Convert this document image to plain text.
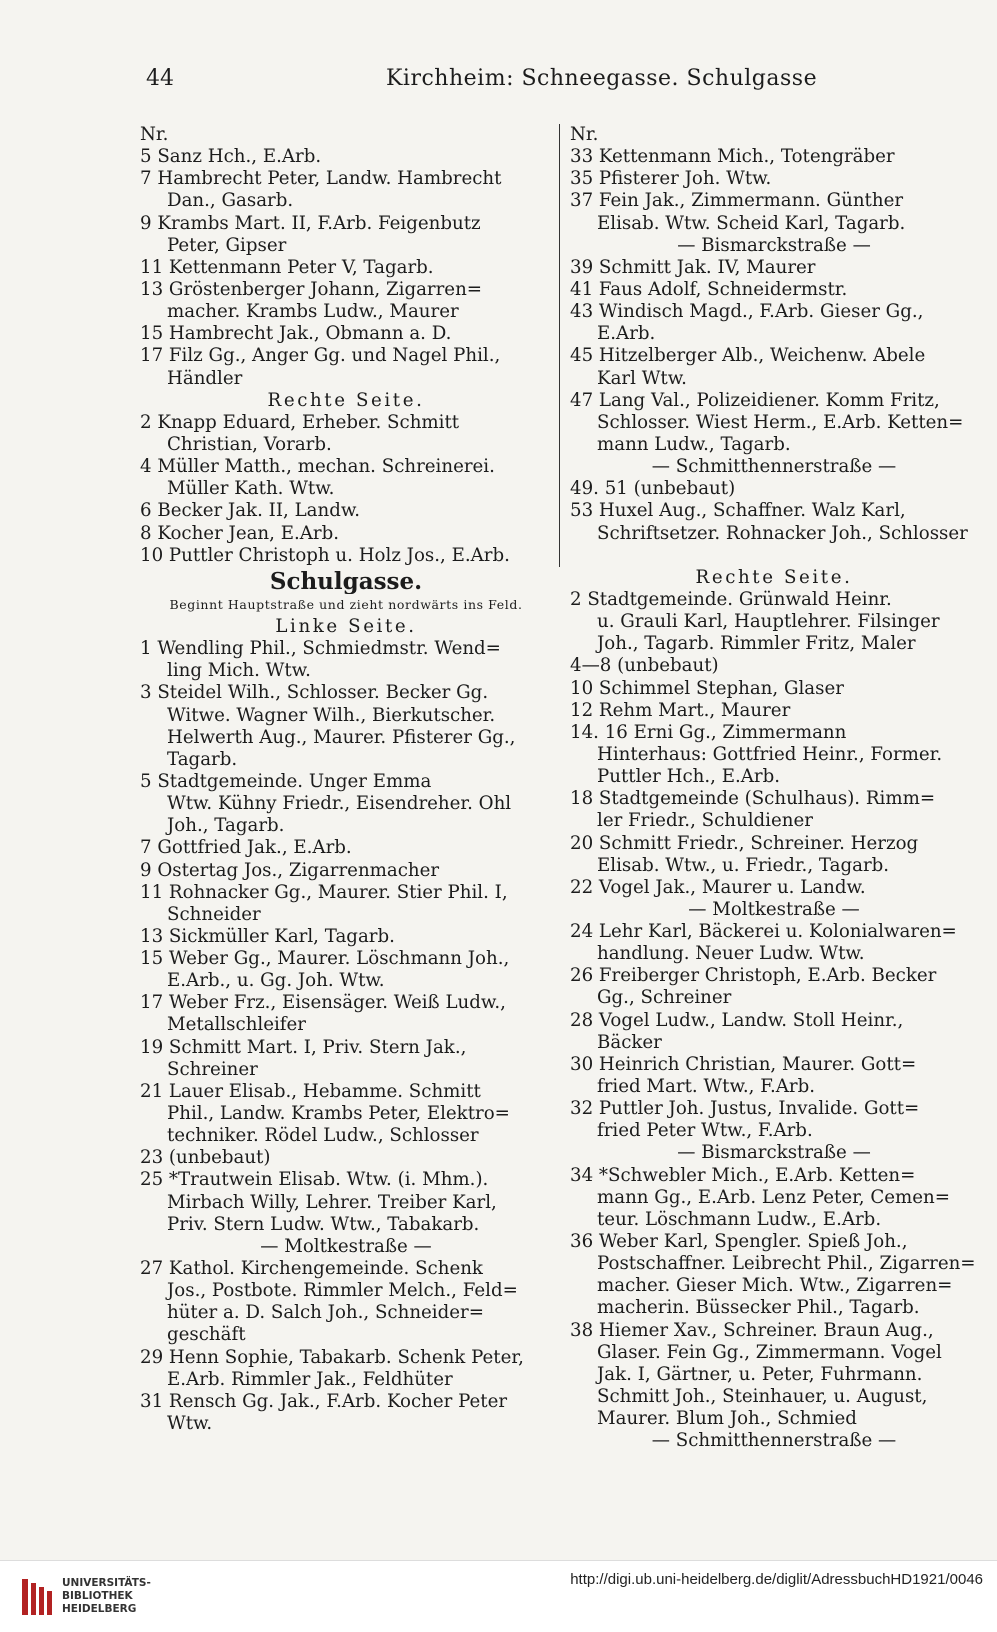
44	Kirchheim: Schneegasse. Schulgasse
Nr.
5 Sanz Hch., E.Arb.
7 Hambrecht Peter, Landw. Hambrecht
Dan., Gasarb.
9 Krambs Mart. II, F.Arb. Feigenbutz
Peter, Gipser
11 Kettenmann Peter V, Tagarb.
13 Gröstenberger Johann, Zigarren=
macher. Krambs Ludw., Maurer
15 Hambrecht Jak., Obmann a. D.
17 Filz Gg., Anger Gg. und Nagel Phil.,
Händler
Rechte Seite.
2 Knapp Eduard, Erheber. Schmitt
Christian, Vorarb.
4 Müller Matth., mechan. Schreinerei.
Müller Kath. Wtw.
6 Becker Jak. II, Landw.
8 Kocher Jean, E.Arb.
10 Puttler Christoph u. Holz Jos., E.Arb.
Schulgasse.
Beginnt Hauptstraße und zieht nordwärts ins Feld.
Linke Seite.
1 Wendling Phil., Schmiedmstr. Wend=
ling Mich. Wtw.
3 Steidel Wilh., Schlosser. Becker Gg.
Witwe. Wagner Wilh., Bierkutscher.
Helwerth Aug., Maurer. Pfisterer Gg.,
Tagarb.
5 Stadtgemeinde. Unger Emma
Wtw. Kühny Friedr., Eisendreher. Ohl
Joh., Tagarb.
7 Gottfried Jak., E.Arb.
9 Ostertag Jos., Zigarrenmacher
11 Rohnacker Gg., Maurer. Stier Phil. I,
Schneider
13 Sickmüller Karl, Tagarb.
15 Weber Gg., Maurer. Löschmann Joh.,
E.Arb., u. Gg. Joh. Wtw.
17 Weber Frz., Eisensäger. Weiß Ludw.,
Metallschleifer
19 Schmitt Mart. I, Priv. Stern Jak.,
Schreiner
21 Lauer Elisab., Hebamme. Schmitt
Phil., Landw. Krambs Peter, Elektro=
techniker. Rödel Ludw., Schlosser
23 (unbebaut)
25 *Trautwein Elisab. Wtw. (i. Mhm.).
Mirbach Willy, Lehrer. Treiber Karl,
Priv. Stern Ludw. Wtw., Tabakarb.
— Moltkestraße —
27 Kathol. Kirchengemeinde. Schenk
Jos., Postbote. Rimmler Melch., Feld=
hüter a. D. Salch Joh., Schneider=
geschäft
29 Henn Sophie, Tabakarb. Schenk Peter,
E.Arb. Rimmler Jak., Feldhüter
31 Rensch Gg. Jak., F.Arb. Kocher Peter
Wtw.
Nr.
33 Kettenmann Mich., Totengräber
35 Pfisterer Joh. Wtw.
37 Fein Jak., Zimmermann. Günther
Elisab. Wtw. Scheid Karl, Tagarb.
— Bismarckstraße —
39 Schmitt Jak. IV, Maurer
41 Faus Adolf, Schneidermstr.
43 Windisch Magd., F.Arb. Gieser Gg.,
E.Arb.
45 Hitzelberger Alb., Weichenw. Abele
Karl Wtw.
47 Lang Val., Polizeidiener. Komm Fritz,
Schlosser. Wiest Herm., E.Arb. Ketten=
mann Ludw., Tagarb.
— Schmitthennerstraße —
49. 51 (unbebaut)
53 Huxel Aug., Schaffner. Walz Karl,
Schriftsetzer. Rohnacker Joh., Schlosser
Rechte Seite.
2 Stadtgemeinde. Grünwald Heinr.
u. Grauli Karl, Hauptlehrer. Filsinger
Joh., Tagarb. Rimmler Fritz, Maler
4—8 (unbebaut)
10 Schimmel Stephan, Glaser
12 Rehm Mart., Maurer
14. 16 Erni Gg., Zimmermann
Hinterhaus: Gottfried Heinr., Former.
Puttler Hch., E.Arb.
18 Stadtgemeinde (Schulhaus). Rimm=
ler Friedr., Schuldiener
20 Schmitt Friedr., Schreiner. Herzog
Elisab. Wtw., u. Friedr., Tagarb.
22 Vogel Jak., Maurer u. Landw.
— Moltkestraße —
24 Lehr Karl, Bäckerei u. Kolonialwaren=
handlung. Neuer Ludw. Wtw.
26 Freiberger Christoph, E.Arb. Becker
Gg., Schreiner
28 Vogel Ludw., Landw. Stoll Heinr.,
Bäcker
30 Heinrich Christian, Maurer. Gott=
fried Mart. Wtw., F.Arb.
32 Puttler Joh. Justus, Invalide. Gott=
fried Peter Wtw., F.Arb.
— Bismarckstraße —
34 *Schwebler Mich., E.Arb. Ketten=
mann Gg., E.Arb. Lenz Peter, Cemen=
teur. Löschmann Ludw., E.Arb.
36 Weber Karl, Spengler. Spieß Joh.,
Postschaffner. Leibrecht Phil., Zigarren=
macher. Gieser Mich. Wtw., Zigarren=
macherin. Büssecker Phil., Tagarb.
38 Hiemer Xav., Schreiner. Braun Aug.,
Glaser. Fein Gg., Zimmermann. Vogel
Jak. I, Gärtner, u. Peter, Fuhrmann.
Schmitt Joh., Steinhauer, u. August,
Maurer. Blum Joh., Schmied
— Schmitthennerstraße —
UNIVERSITÄTS-
BIBLIOTHEK
HEIDELBERG
http://digi.ub.uni-heidelberg.de/diglit/AdressbuchHD1921/0046
